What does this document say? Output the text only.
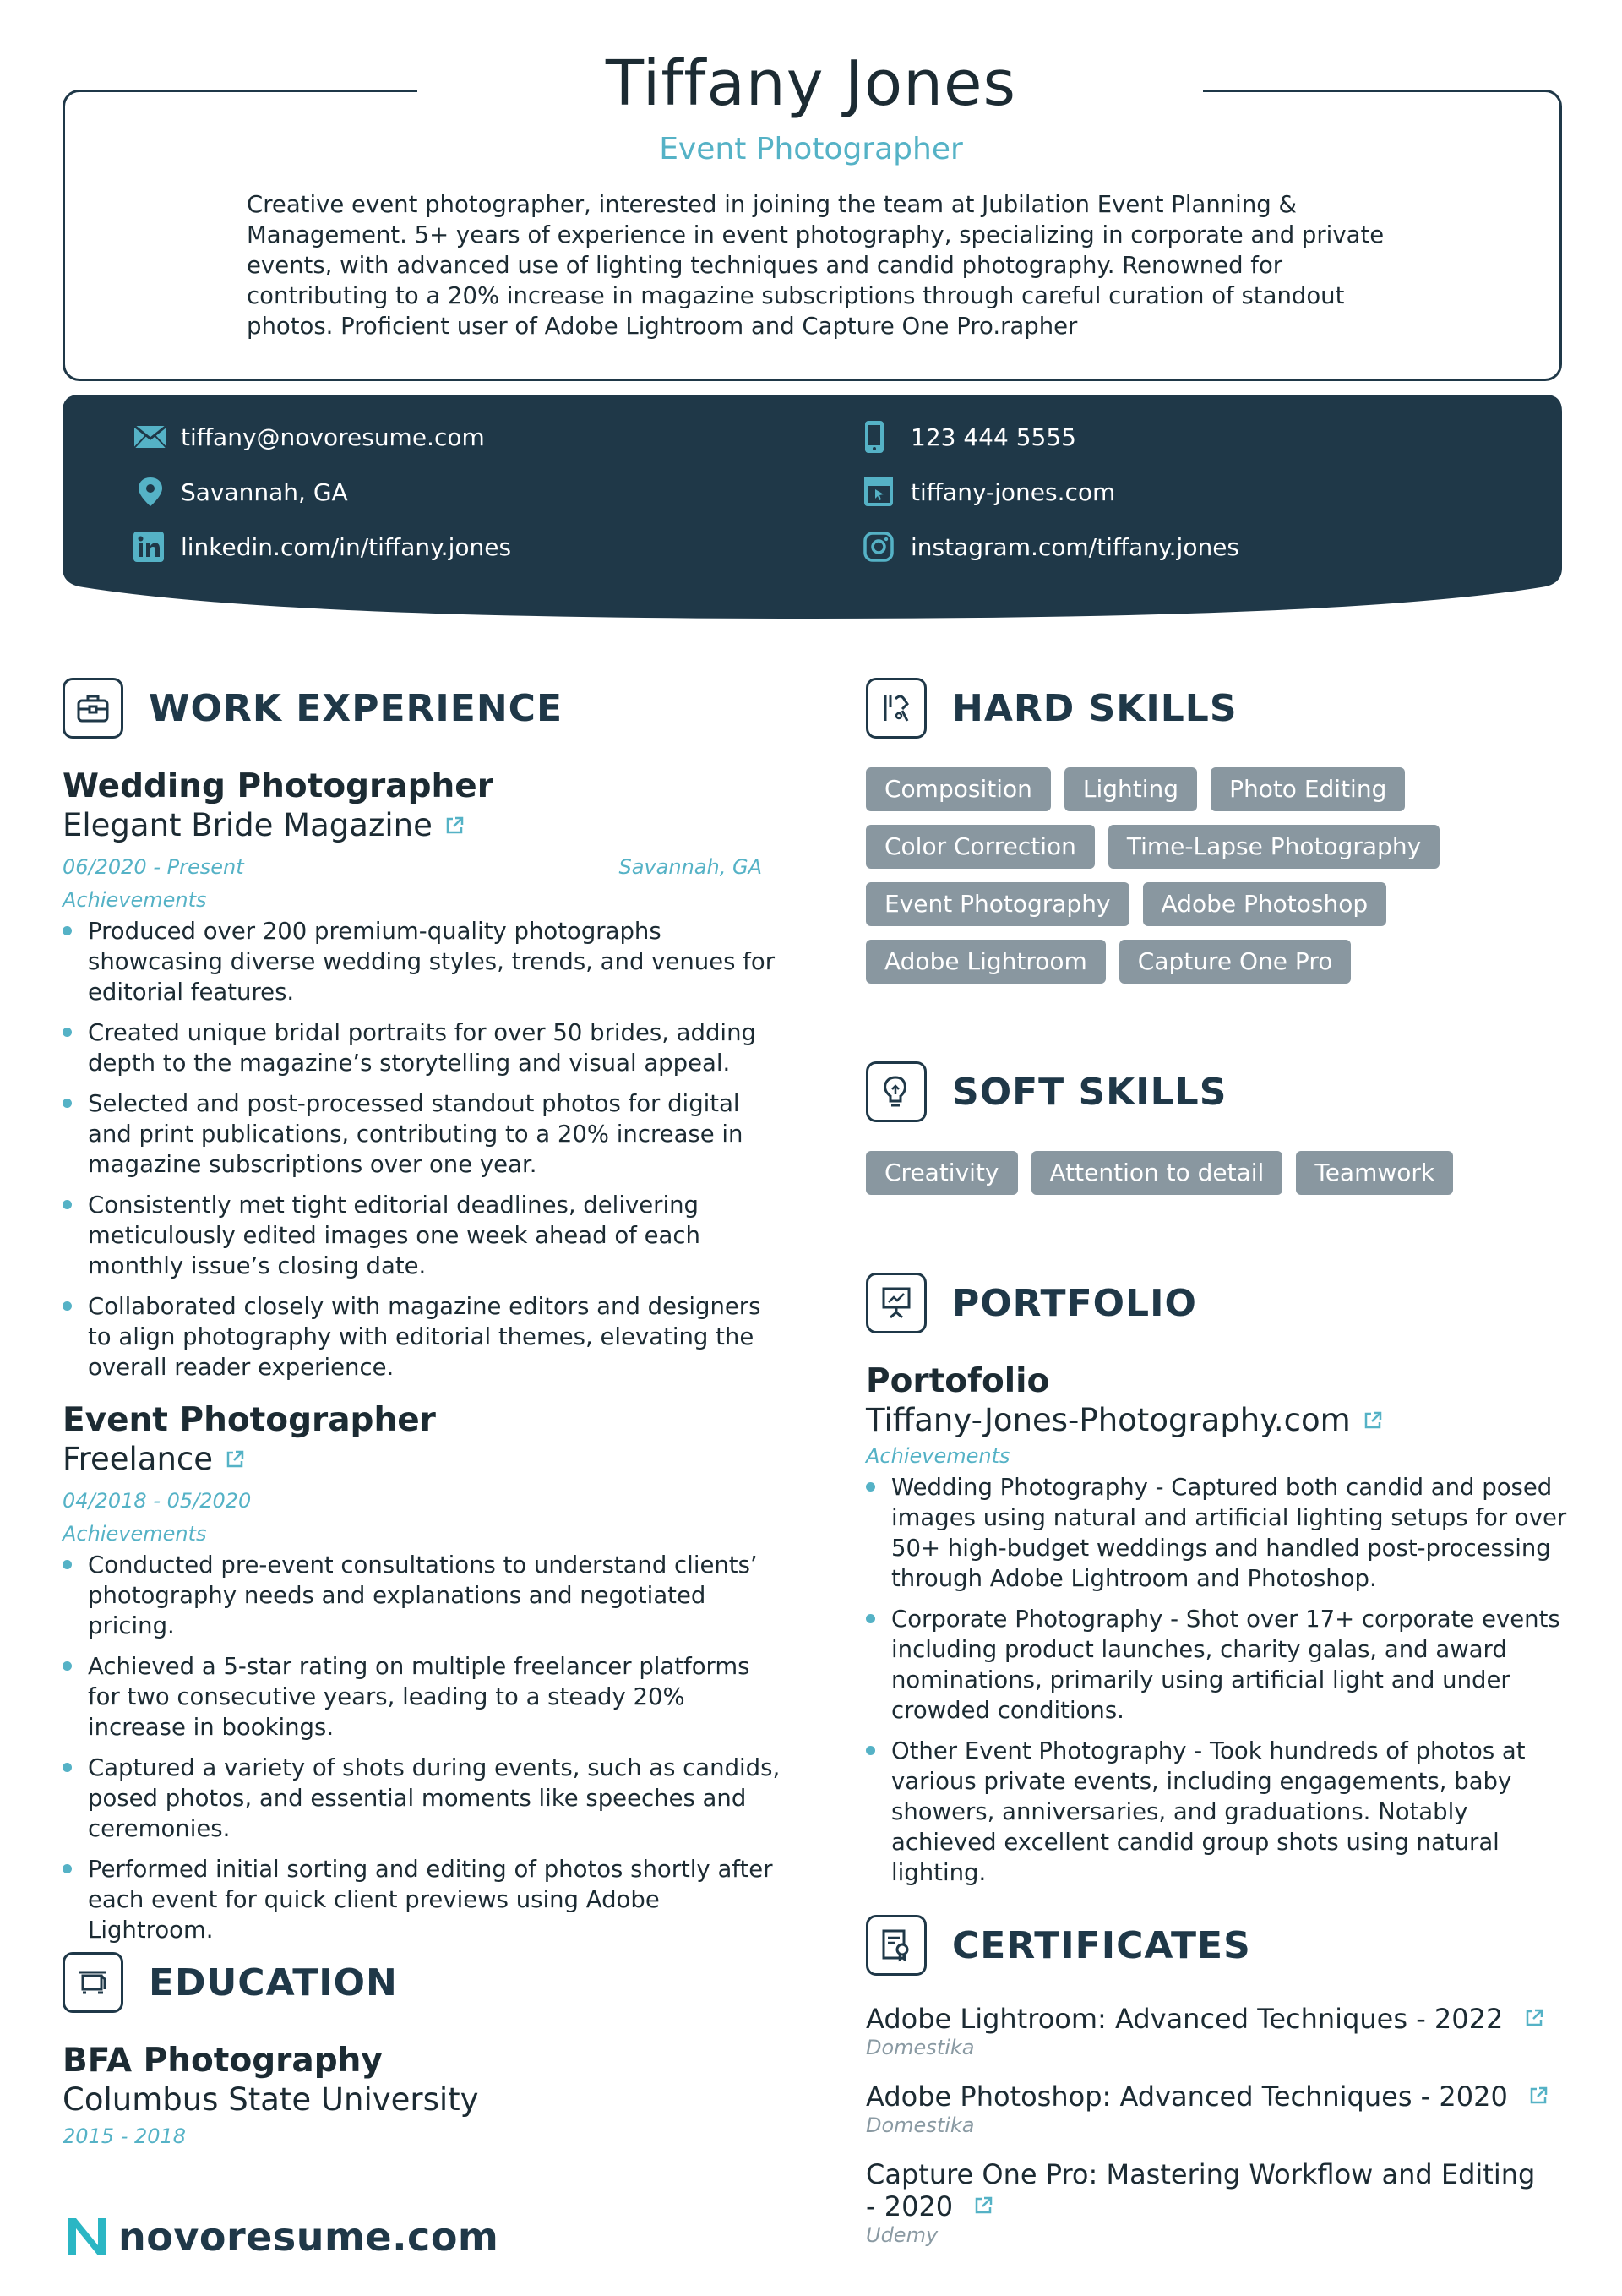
Tiffany Jones
Event Photographer
Creative event photographer, interested in joining the team at Jubilation Event Planning & Management. 5+ years of experience in event photography, specializing in corporate and private events, with advanced use of lighting techniques and candid photography. Renowned for contributing to a 20% increase in magazine subscriptions through careful curation of standout photos. Proficient user of Adobe Lightroom and Capture One Pro.rapher
tiffany@novoresume.com
Savannah, GA
linkedin.com/in/tiffany.jones
123 444 5555
tiffany-jones.com
instagram.com/tiffany.jones
WORK EXPERIENCE
Wedding Photographer
Elegant Bride Magazine
06/2020 - Present	Savannah, GA
Achievements
Produced over 200 premium-quality photographs showcasing diverse wedding styles, trends, and venues for editorial features.
Created unique bridal portraits for over 50 brides, adding depth to the magazine’s storytelling and visual appeal.
Selected and post-processed standout photos for digital and print publications, contributing to a 20% increase in magazine subscriptions over one year.
Consistently met tight editorial deadlines, delivering meticulously edited images one week ahead of each monthly issue’s closing date.
Collaborated closely with magazine editors and designers to align photography with editorial themes, elevating the overall reader experience.
Event Photographer
Freelance
04/2018 - 05/2020
Achievements
Conducted pre-event consultations to understand clients’ photography needs and explanations and negotiated pricing.
Achieved a 5-star rating on multiple freelancer platforms for two consecutive years, leading to a steady 20% increase in bookings.
Captured a variety of shots during events, such as candids, posed photos, and essential moments like speeches and ceremonies.
Performed initial sorting and editing of photos shortly after each event for quick client previews using Adobe Lightroom.
EDUCATION
BFA Photography
Columbus State University
2015 - 2018
novoresume.com
HARD SKILLS
Composition	Lighting	Photo Editing
Color Correction	Time-Lapse Photography
Event Photography	Adobe Photoshop
Adobe Lightroom	Capture One Pro
SOFT SKILLS
Creativity	Attention to detail	Teamwork
PORTFOLIO
Portofolio
Tiffany-Jones-Photography.com
Achievements
Wedding Photography - Captured both candid and posed images using natural and artificial lighting setups for over 50+ high-budget weddings and handled post-processing through Adobe Lightroom and Photoshop.
Corporate Photography - Shot over 17+ corporate events including product launches, charity galas, and award nominations, primarily using artificial light and under crowded conditions.
Other Event Photography - Took hundreds of photos at various private events, including engagements, baby showers, anniversaries, and graduations. Notably achieved excellent candid group shots using natural lighting.
CERTIFICATES
Adobe Lightroom: Advanced Techniques - 2022
Domestika
Adobe Photoshop: Advanced Techniques - 2020
Domestika
Capture One Pro: Mastering Workflow and Editing - 2020
Udemy
